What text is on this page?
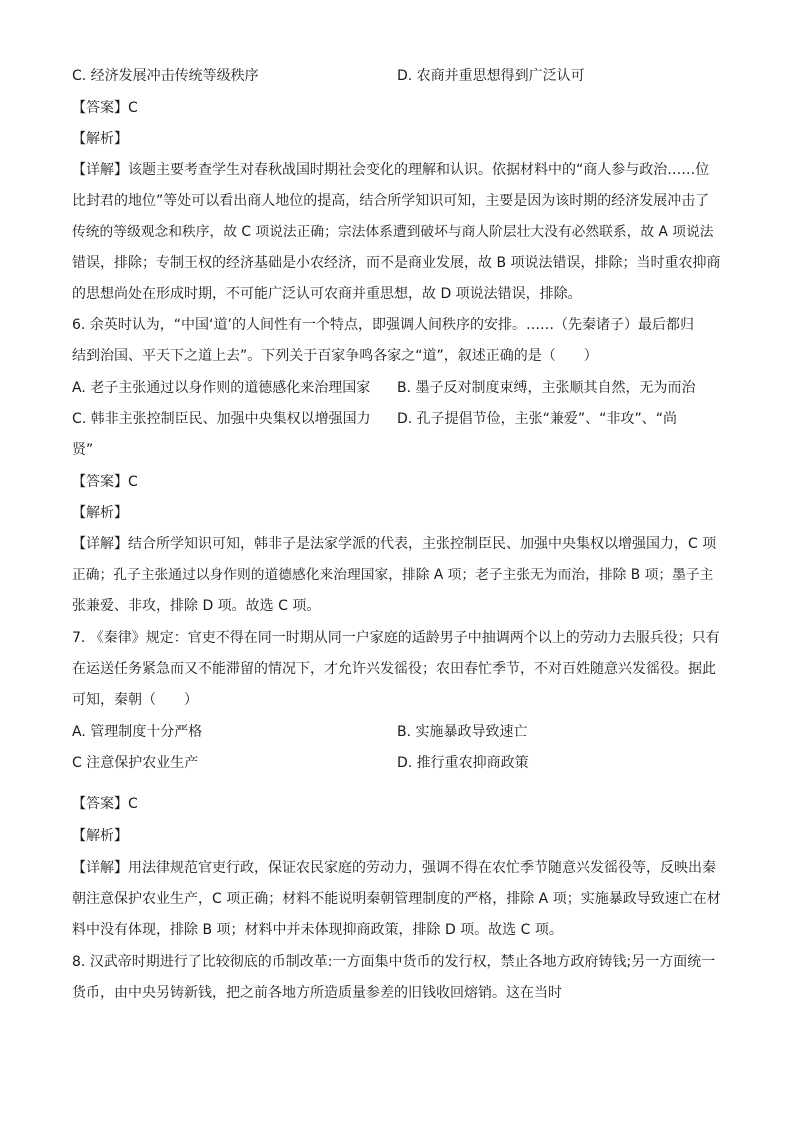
C. 经济发展冲击传统等级秩序	D. 农商并重思想得到广泛认可

【答案】C

【解析】

【详解】该题主要考查学生对春秋战国时期社会变化的理解和认识。依据材料中的“商人参与政治……位

比封君的地位”等处可以看出商人地位的提高，结合所学知识可知，主要是因为该时期的经济发展冲击了

传统的等级观念和秩序，故 C 项说法正确；宗法体系遭到破坏与商人阶层壮大没有必然联系，故 A 项说法

错误，排除；专制王权的经济基础是小农经济，而不是商业发展，故 B 项说法错误，排除；当时重农抑商

的思想尚处在形成时期，不可能广泛认可农商并重思想，故 D 项说法错误，排除。

6. 余英时认为，“中国‘道’的人间性有一个特点，即强调人间秩序的安排。……（先秦诸子）最后都归

结到治国、平天下之道上去”。下列关于百家争鸣各家之“道”，叙述正确的是（　　）

A. 老子主张通过以身作则的道德感化来治理国家 B. 墨子反对制度束缚，主张顺其自然，无为而治

C. 韩非主张控制臣民、加强中央集权以增强国力 D. 孔子提倡节俭，主张“兼爱”、“非攻”、“尚

贤”

【答案】C

【解析】

【详解】结合所学知识可知，韩非子是法家学派的代表，主张控制臣民、加强中央集权以增强国力，C 项

正确；孔子主张通过以身作则的道德感化来治理国家，排除 A 项；老子主张无为而治，排除 B 项；墨子主

张兼爱、非攻，排除 D 项。故选 C 项。

7. 《秦律》规定：官吏不得在同一时期从同一户家庭的适龄男子中抽调两个以上的劳动力去服兵役；只有

在运送任务紧急而又不能滞留的情况下，才允许兴发徭役；农田春忙季节，不对百姓随意兴发徭役。据此

可知，秦朝（　　）

A. 管理制度十分严格	B. 实施暴政导致速亡

C 注意保护农业生产	D. 推行重农抑商政策

【答案】C

【解析】

【详解】用法律规范官吏行政，保证农民家庭的劳动力，强调不得在农忙季节随意兴发徭役等，反映出秦

朝注意保护农业生产，C 项正确；材料不能说明秦朝管理制度的严格，排除 A 项；实施暴政导致速亡在材

料中没有体现，排除 B 项；材料中并未体现抑商政策，排除 D 项。故选 C 项。

8. 汉武帝时期进行了比较彻底的币制改革:一方面集中货币的发行权，禁止各地方政府铸钱;另一方面统一

货币，由中央另铸新钱，把之前各地方所造质量参差的旧钱收回熔销。这在当时
